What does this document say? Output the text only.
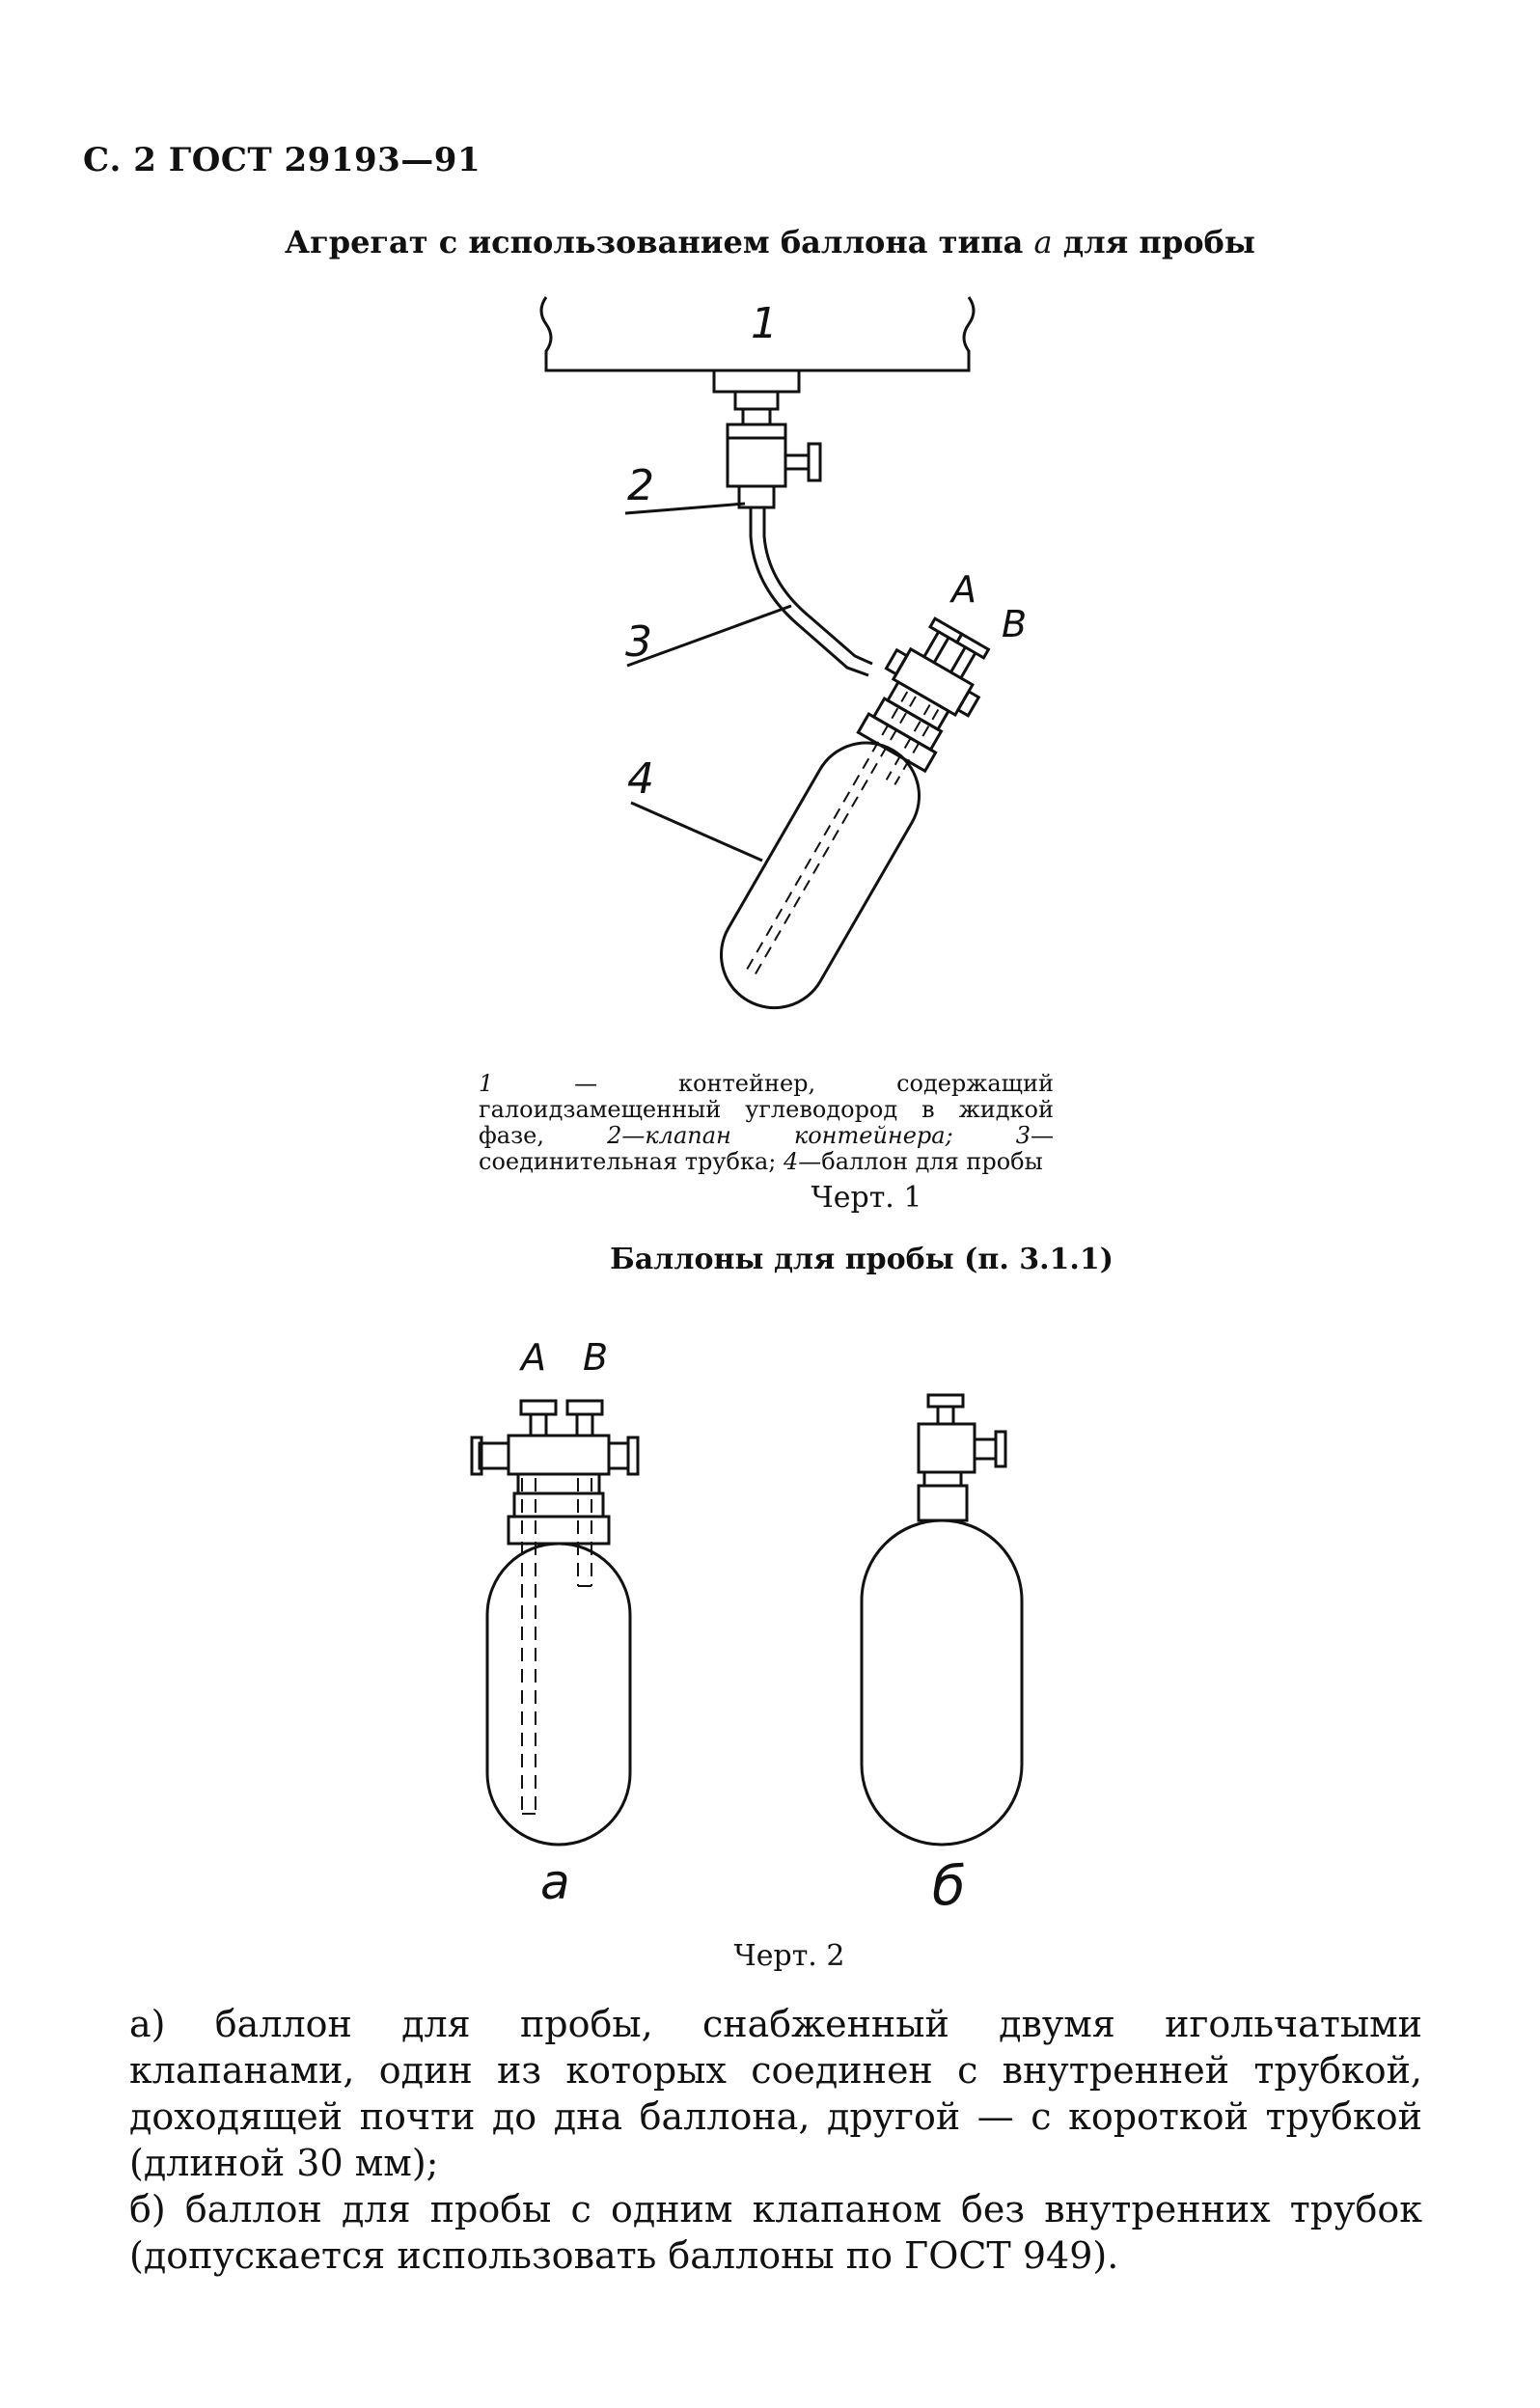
С. 2 ГОСТ 29193—91
Агрегат с использованием баллона типа а для пробы
1
2
3
4
A
B
1 — контейнер, содержащий галоидзамещенный углеводород в жидкой фазе, 2—клапан контейнера; 3—соединительная трубка; 4—баллон для пробы
Черт. 1
Баллоны для пробы (п. 3.1.1)
A B
а	б
Черт. 2

а) баллон для пробы, снабженный двумя игольчатыми клапанами, один из которых соединен с внутренней трубкой, доходящей почти до дна баллона, другой — с короткой трубкой (длиной 30 мм);

б) баллон для пробы с одним клапаном без внутренних трубок (допускается использовать баллоны по ГОСТ 949).
